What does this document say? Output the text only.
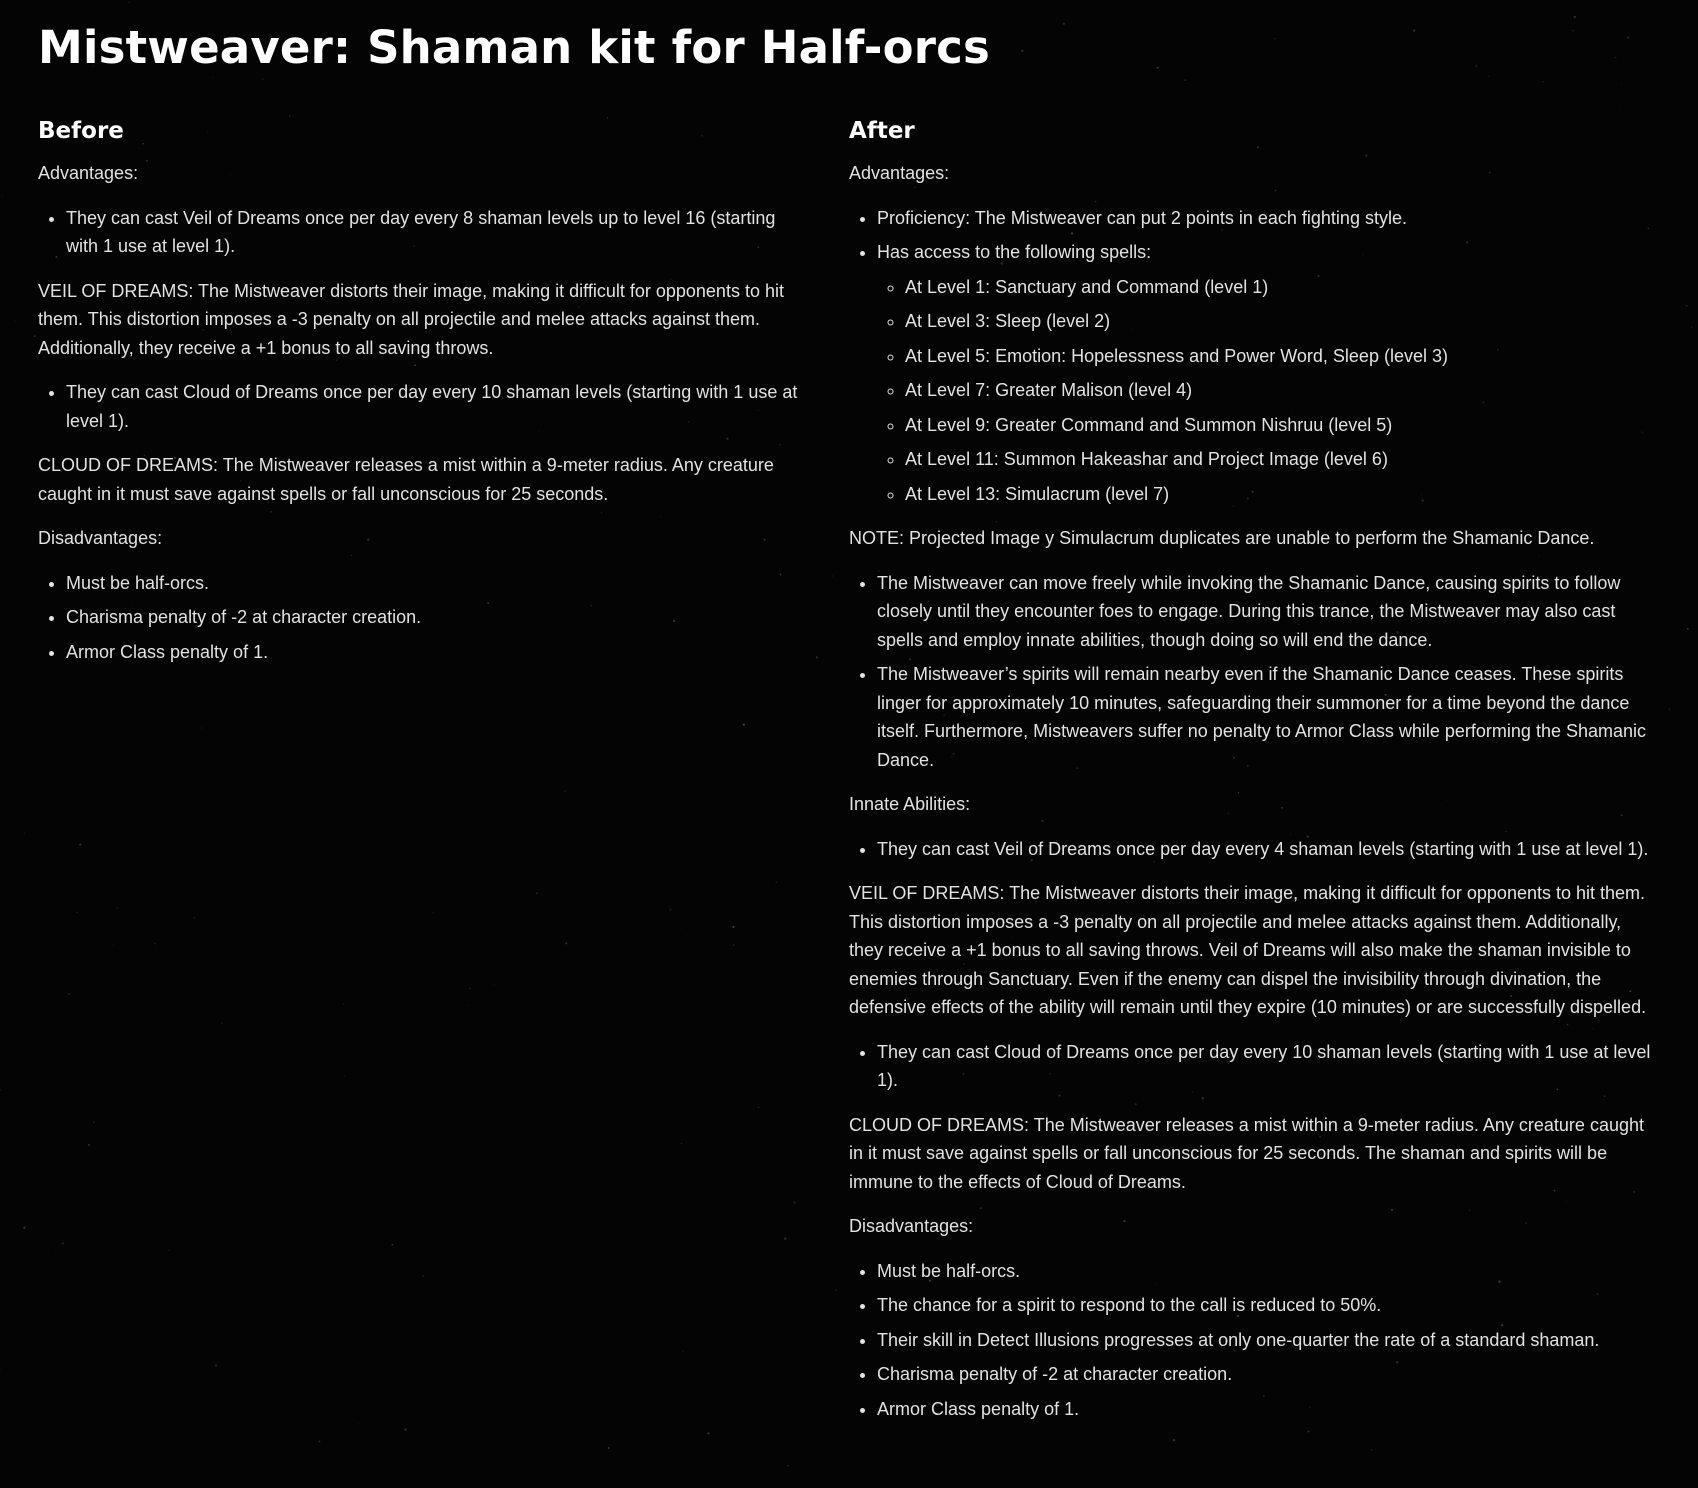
Mistweaver: Shaman kit for Half-orcs
Before

Advantages:

• They can cast Veil of Dreams once per day every 8 shaman levels up to level 16 (starting with 1 use at level 1).

VEIL OF DREAMS: The Mistweaver distorts their image, making it difficult for opponents to hit them. This distortion imposes a -3 penalty on all projectile and melee attacks against them. Additionally, they receive a +1 bonus to all saving throws.

• They can cast Cloud of Dreams once per day every 10 shaman levels (starting with 1 use at level 1).

CLOUD OF DREAMS: The Mistweaver releases a mist within a 9-meter radius. Any creature caught in it must save against spells or fall unconscious for 25 seconds.

Disadvantages:

• Must be half-orcs.
• Charisma penalty of -2 at character creation.
• Armor Class penalty of 1.
After

Advantages:

• Proficiency: The Mistweaver can put 2 points in each fighting style.
• Has access to the following spells:
◦ At Level 1: Sanctuary and Command (level 1)
◦ At Level 3: Sleep (level 2)
◦ At Level 5: Emotion: Hopelessness and Power Word, Sleep (level 3)
◦ At Level 7: Greater Malison (level 4)
◦ At Level 9: Greater Command and Summon Nishruu (level 5)
◦ At Level 11: Summon Hakeashar and Project Image (level 6)
◦ At Level 13: Simulacrum (level 7)

NOTE: Projected Image y Simulacrum duplicates are unable to perform the Shamanic Dance.

• The Mistweaver can move freely while invoking the Shamanic Dance, causing spirits to follow closely until they encounter foes to engage. During this trance, the Mistweaver may also cast spells and employ innate abilities, though doing so will end the dance.
• The Mistweaver’s spirits will remain nearby even if the Shamanic Dance ceases. These spirits linger for approximately 10 minutes, safeguarding their summoner for a time beyond the dance itself. Furthermore, Mistweavers suffer no penalty to Armor Class while performing the Shamanic Dance.

Innate Abilities:

• They can cast Veil of Dreams once per day every 4 shaman levels (starting with 1 use at level 1).

VEIL OF DREAMS: The Mistweaver distorts their image, making it difficult for opponents to hit them. This distortion imposes a -3 penalty on all projectile and melee attacks against them. Additionally, they receive a +1 bonus to all saving throws. Veil of Dreams will also make the shaman invisible to enemies through Sanctuary. Even if the enemy can dispel the invisibility through divination, the defensive effects of the ability will remain until they expire (10 minutes) or are successfully dispelled.

• They can cast Cloud of Dreams once per day every 10 shaman levels (starting with 1 use at level 1).

CLOUD OF DREAMS: The Mistweaver releases a mist within a 9-meter radius. Any creature caught in it must save against spells or fall unconscious for 25 seconds. The shaman and spirits will be immune to the effects of Cloud of Dreams.

Disadvantages:

• Must be half-orcs.
• The chance for a spirit to respond to the call is reduced to 50%.
• Their skill in Detect Illusions progresses at only one-quarter the rate of a standard shaman.
• Charisma penalty of -2 at character creation.
• Armor Class penalty of 1.
